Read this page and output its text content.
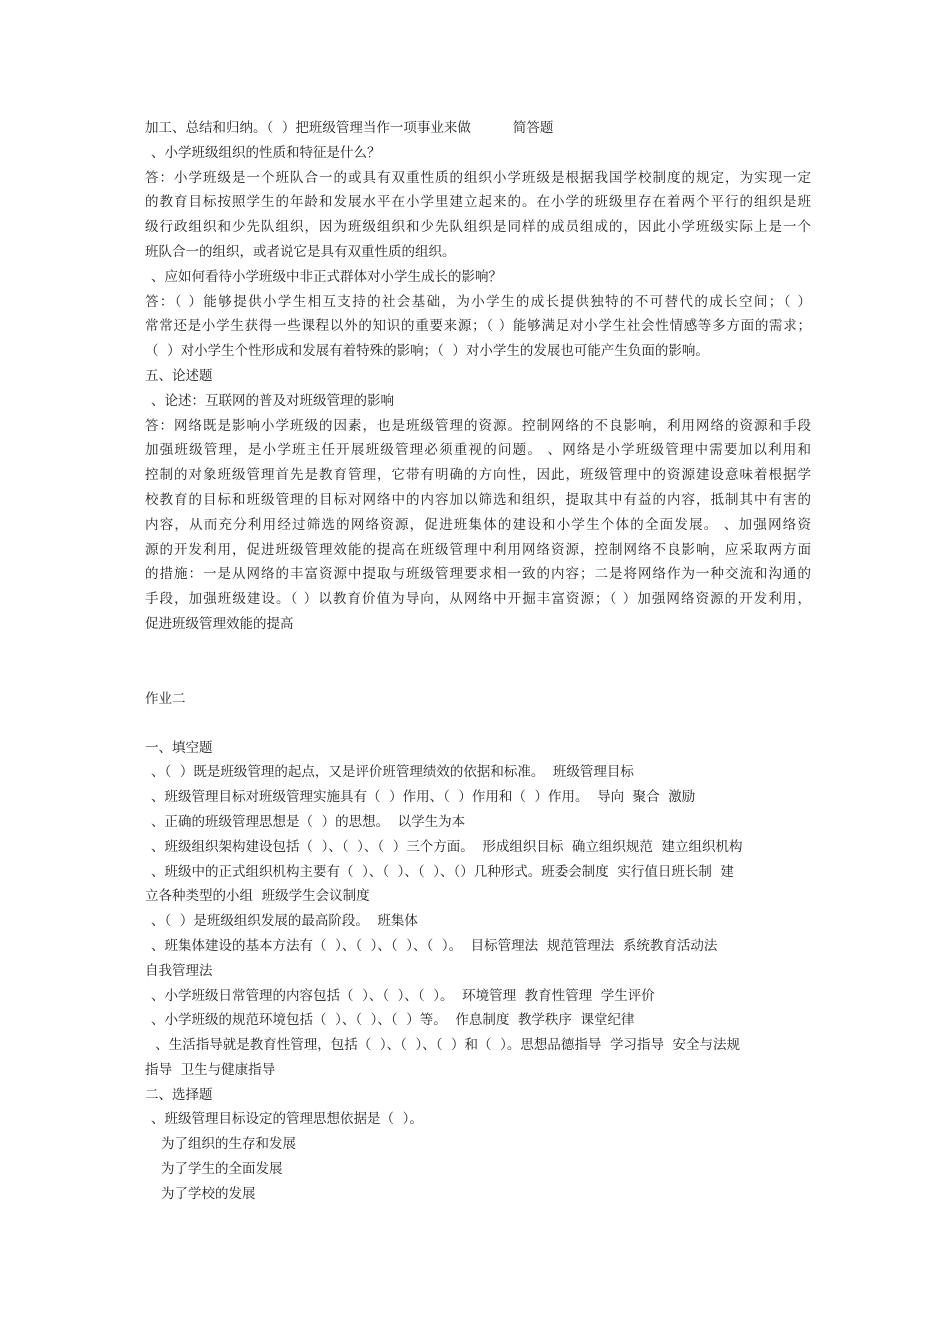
加工、总结和归纳。（  ）把班级管理当作一项事业来做	简答题
、小学班级组织的性质和特征是什么？
答：小学班级是一个班队合一的或具有双重性质的组织小学班级是根据我国学校制度的规定，为实现一定
的教育目标按照学生的年龄和发展水平在小学里建立起来的。在小学的班级里存在着两个平行的组织是班
级行政组织和少先队组织，因为班级组织和少先队组织是同样的成员组成的，因此小学班级实际上是一个
班队合一的组织，或者说它是具有双重性质的组织。
、应如何看待小学班级中非正式群体对小学生成长的影响？
答：（ ）能够提供小学生相互支持的社会基础，为小学生的成长提供独特的不可替代的成长空间；（ ）
常常还是小学生获得一些课程以外的知识的重要来源；（ ）能够满足对小学生社会性情感等多方面的需求；
（  ）对小学生个性形成和发展有着特殊的影响；（  ）对小学生的发展也可能产生负面的影响。
五、论述题
、论述：互联网的普及对班级管理的影响
答：网络既是影响小学班级的因素，也是班级管理的资源。控制网络的不良影响，利用网络的资源和手段
加强班级管理，是小学班主任开展班级管理必须重视的问题。 、网络是小学班级管理中需要加以利用和
控制的对象班级管理首先是教育管理，它带有明确的方向性，因此，班级管理中的资源建设意味着根据学
校教育的目标和班级管理的目标对网络中的内容加以筛选和组织，提取其中有益的内容，抵制其中有害的
内容，从而充分利用经过筛选的网络资源，促进班集体的建设和小学生个体的全面发展。 、加强网络资
源的开发利用，促进班级管理效能的提高在班级管理中利用网络资源，控制网络不良影响，应采取两方面
的措施：一是从网络的丰富资源中提取与班级管理要求相一致的内容；二是将网络作为一种交流和沟通的
手段，加强班级建设。（ ）以教育价值为导向，从网络中开掘丰富资源；（ ）加强网络资源的开发利用，
促进班级管理效能的提高
作业二
一、填空题
、（  ）既是班级管理的起点，又是评价班管理绩效的依据和标准。  班级管理目标
、班级管理目标对班级管理实施具有（  ）作用、（  ）作用和（  ）作用。  导向  聚合  激励
、正确的班级管理思想是（  ）的思想。  以学生为本
、班级组织架构建设包括（  ）、（  ）、（  ）三个方面。  形成组织目标  确立组织规范  建立组织机构
、班级中的正式组织机构主要有（  ）、（  ）、（  ）、（）几种形式。班委会制度  实行值日班长制  建
立各种类型的小组  班级学生会议制度
、（  ）是班级组织发展的最高阶段。  班集体
、班集体建设的基本方法有（  ）、（  ）、（  ）、（  ）。  目标管理法  规范管理法  系统教育活动法
自我管理法
、小学班级日常管理的内容包括（  ）、（  ）、（  ）。  环境管理  教育性管理  学生评价
、小学班级的规范环境包括（  ）、（  ）、（  ）等。  作息制度  教学秩序  课堂纪律
、生活指导就是教育性管理，包括（  ）、（  ）、（  ）和（  ）。思想品德指导  学习指导  安全与法规
指导  卫生与健康指导
二、选择题
、班级管理目标设定的管理思想依据是（  ）。
为了组织的生存和发展
为了学生的全面发展
为了学校的发展
